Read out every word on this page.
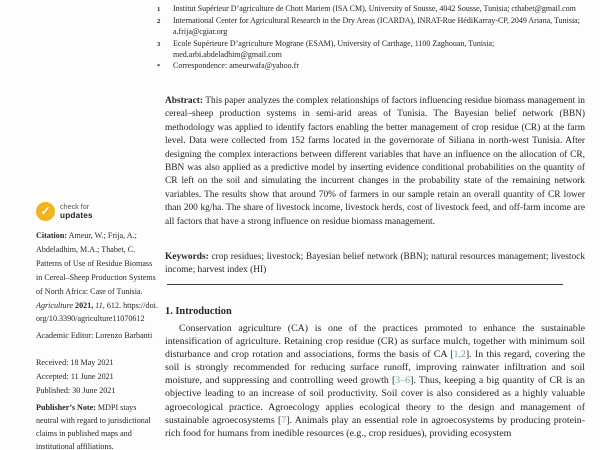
✓	check for
updates

Citation: Ameur, W.; Frija, A.; Abdeladhim, M.A.; Thabet, C. Patterns of Use of Residue Biomass in Cereal–Sheep Production Systems of North Africa: Case of Tunisia. Agriculture 2021, 11, 612. https://doi.org/10.3390/agriculture11070612

Academic Editor: Lorenzo Barbanti

Received: 18 May 2021

Accepted: 11 June 2021

Published: 30 June 2021

Publisher’s Note: MDPI stays neutral with regard to jurisdictional claims in published maps and institutional affiliations.

1	Institut Supérieur D’agriculture de Chott Mariem (ISA CM), University of Sousse, 4042 Sousse, Tunisia; cthabet@gmail.com
2	International Center for Agricultural Research in the Dry Areas (ICARDA), INRAT-Rue HédiKarray-CP, 2049 Ariana, Tunisia; a.frija@cgiar.org
3	Ecole Supérieure D’agriculture Mograne (ESAM), University of Carthage, 1100 Zaghouan, Tunisia; med.arbi.abdeladhim@gmail.com
*	Correspondence: ameurwafa@yahoo.fr

Abstract: This paper analyzes the complex relationships of factors influencing residue biomass management in cereal–sheep production systems in semi-arid areas of Tunisia. The Bayesian belief network (BBN) methodology was applied to identify factors enabling the better management of crop residue (CR) at the farm level. Data were collected from 152 farms located in the governorate of Siliana in north-west Tunisia. After designing the complex interactions between different variables that have an influence on the allocation of CR, BBN was also applied as a predictive model by inserting evidence conditional probabilities on the quantity of CR left on the soil and simulating the incurrent changes in the probability state of the remaining network variables. The results show that around 70% of farmers in our sample retain an overall quantity of CR lower than 200 kg/ha. The share of livestock income, livestock herds, cost of livestock feed, and off-farm income are all factors that have a strong influence on residue biomass management.

Keywords: crop residues; livestock; Bayesian belief network (BBN); natural resources management; livestock income; harvest index (HI)

1. Introduction

Conservation agriculture (CA) is one of the practices promoted to enhance the sustainable intensification of agriculture. Retaining crop residue (CR) as surface mulch, together with minimum soil disturbance and crop rotation and associations, forms the basis of CA [1,2]. In this regard, covering the soil is strongly recommended for reducing surface runoff, improving rainwater infiltration and soil moisture, and suppressing and controlling weed growth [3–6]. Thus, keeping a big quantity of CR is an objective leading to an increase of soil productivity. Soil cover is also considered as a highly valuable agroecological practice. Agroecology applies ecological theory to the design and management of sustainable agroecosystems [7]. Animals play an essential role in agroecosystems by producing protein-rich food for humans from inedible resources (e.g., crop residues), providing ecosystem
